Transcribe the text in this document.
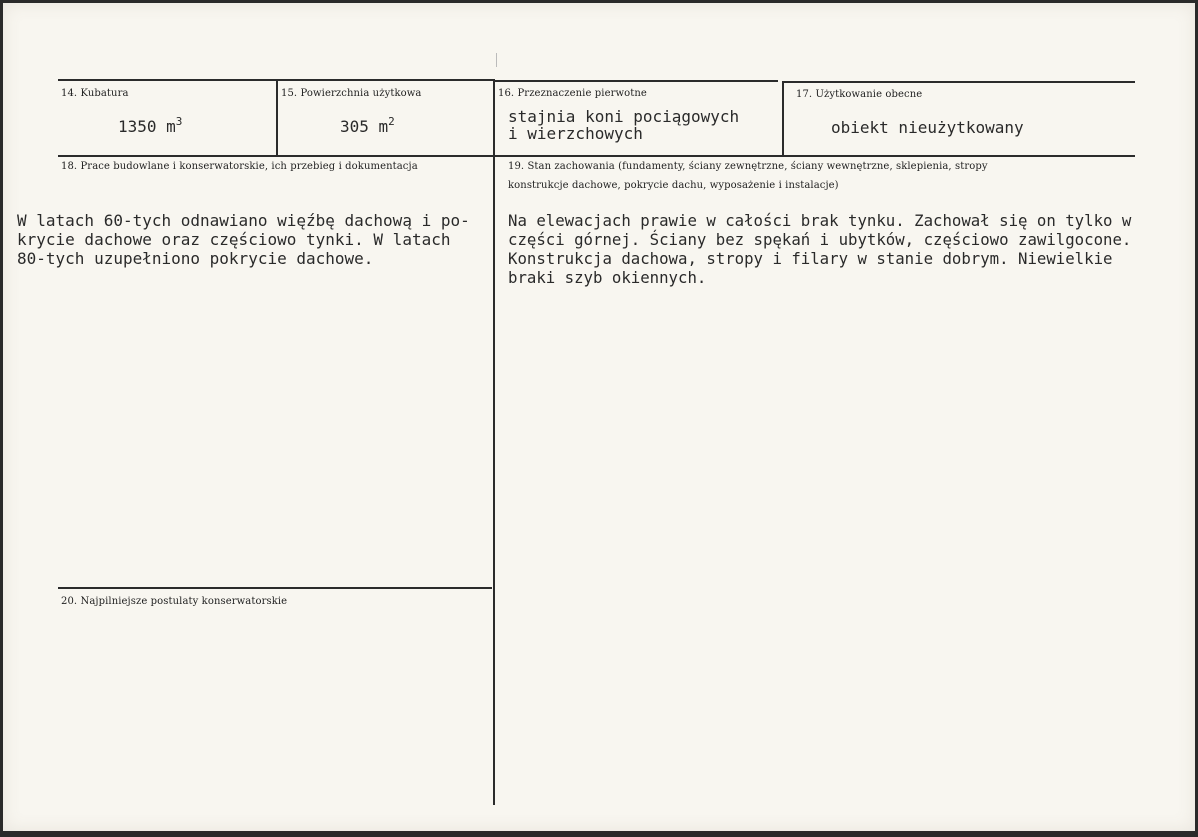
14. Kubatura
1350 $m^3$
15. Powierzchnia użytkowa
305 $m^2$
16. Przeznaczenie pierwotne
stajnia koni pociągowych
i wierzchowych
17. Użytkowanie obecne
obiekt nieużytkowany
18. Prace budowlane i konserwatorskie, ich przebieg i dokumentacja
W latach 60-tych odnawiano więźbę dachową i po-
krycie dachowe oraz częściowo tynki. W latach
80-tych uzupełniono pokrycie dachowe.
19. Stan zachowania (fundamenty, ściany zewnętrzne, ściany wewnętrzne, sklepienia, stropy
konstrukcje dachowe, pokrycie dachu, wyposażenie i instalacje)
Na elewacjach prawie w całości brak tynku. Zachował się on tylko w
części górnej. Ściany bez spękań i ubytków, częściowo zawilgocone.
Konstrukcja dachowa, stropy i filary w stanie dobrym. Niewielkie
braki szyb okiennych.
20. Najpilniejsze postulaty konserwatorskie
